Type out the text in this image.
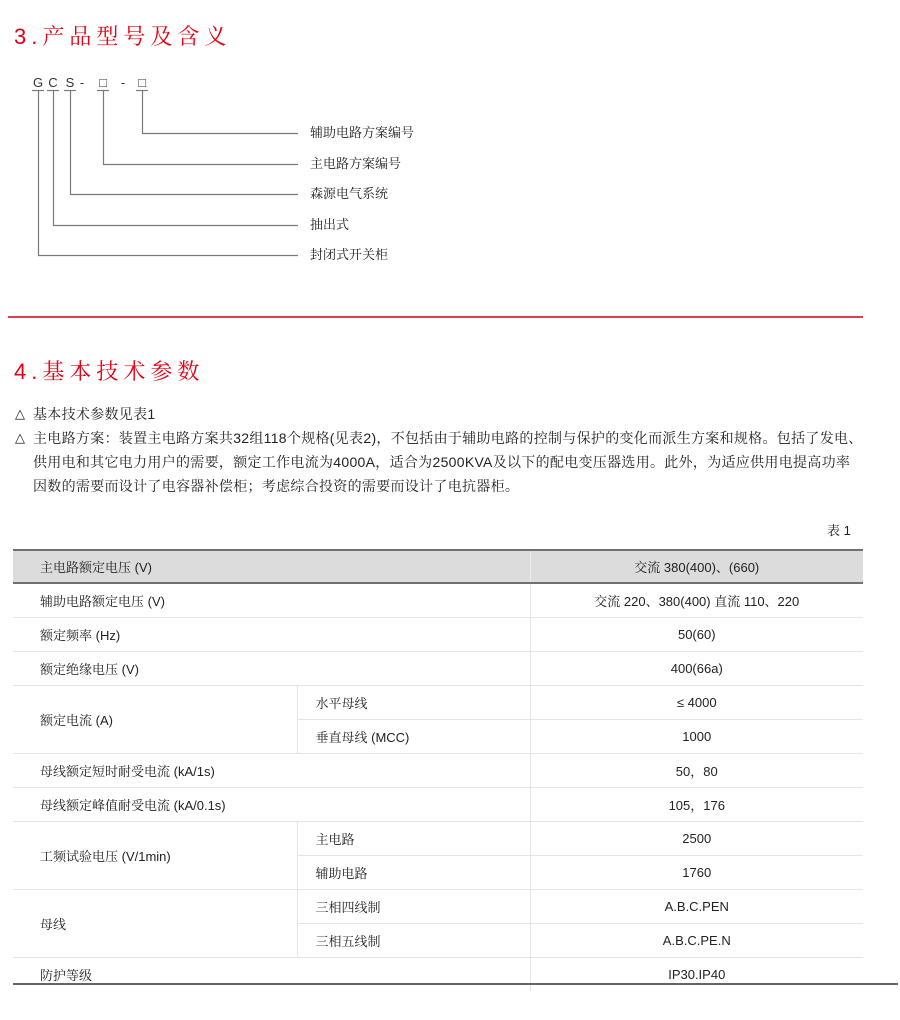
3.产品型号及含义
G C S -	□	- □
辅助电路方案编号
主电路方案编号
森源电气系统
抽出式
封闭式开关柜
4.基本技术参数
△ 基本技术参数见表1
△ 主电路方案：装置主电路方案共32组118个规格(见表2)，不包括由于辅助电路的控制与保护的变化而派生方案和规格。包括了发电、
供用电和其它电力用户的需要，额定工作电流为4000A，适合为2500KVA及以下的配电变压器选用。此外，为适应供用电提高功率
因数的需要而设计了电容器补偿柜；考虑综合投资的需要而设计了电抗器柜。
表 1
主电路额定电压 (V)		交流 380(400)、(660)
辅助电路额定电压 (V)		交流 220、380(400) 直流 110、220
额定频率 (Hz)		50(60)
额定绝缘电压 (V)		400(66a)
额定电流 (A)	水平母线	≤ 4000
	垂直母线 (MCC)	1000
母线额定短时耐受电流 (kA/1s)		50，80
母线额定峰值耐受电流 (kA/0.1s)		105，176
工频试验电压 (V/1min)	主电路	2500
	辅助电路	1760
母线	三相四线制	A.B.C.PEN
	三相五线制	A.B.C.PE.N
防护等级		IP30.IP40
